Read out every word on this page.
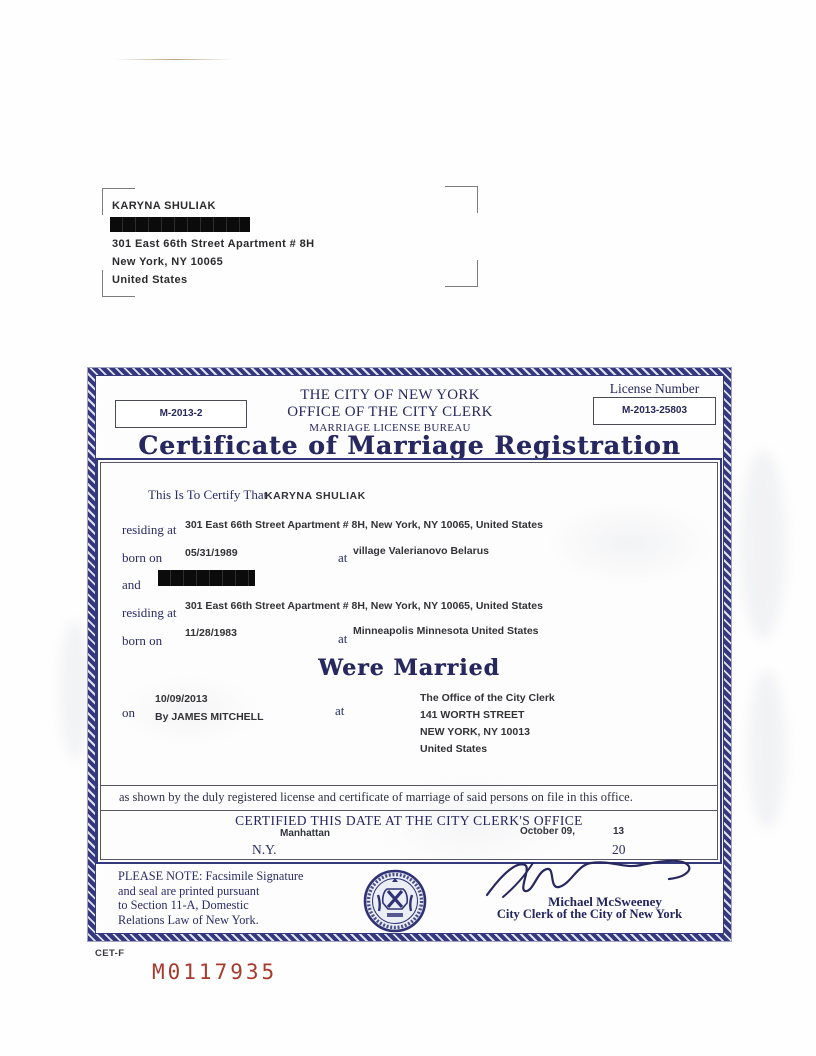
KARYNA SHULIAK
301 East 66th Street Apartment # 8H
New York, NY 10065
United States
M-2013-2
THE CITY OF NEW YORK
OFFICE OF THE CITY CLERK
MARRIAGE LICENSE BUREAU
License Number
M-2013-25803
Certificate of Marriage Registration
This Is To Certify That
KARYNA SHULIAK
residing at 301 East 66th Street Apartment # 8H, New York, NY 10065, United States
born on 05/31/1989	at village Valerianovo Belarus
and
residing at 301 East 66th Street Apartment # 8H, New York, NY 10065, United States
born on 11/28/1983	at Minneapolis Minnesota United States
Were Married
on
10/09/2013
By JAMES MITCHELL	at
The Office of the City Clerk
141 WORTH STREET
NEW YORK, NY 10013
United States
as shown by the duly registered license and certificate of marriage of said persons on file in this office.
CERTIFIED THIS DATE AT THE CITY CLERK'S OFFICE
Manhattan	October 09,	13
N.Y.	20
PLEASE NOTE: Facsimile Signature
and seal are printed pursuant
to Section 11-A, Domestic
Relations Law of New York.
Michael McSweeney
City Clerk of the City of New York
CET-F
M0117935
